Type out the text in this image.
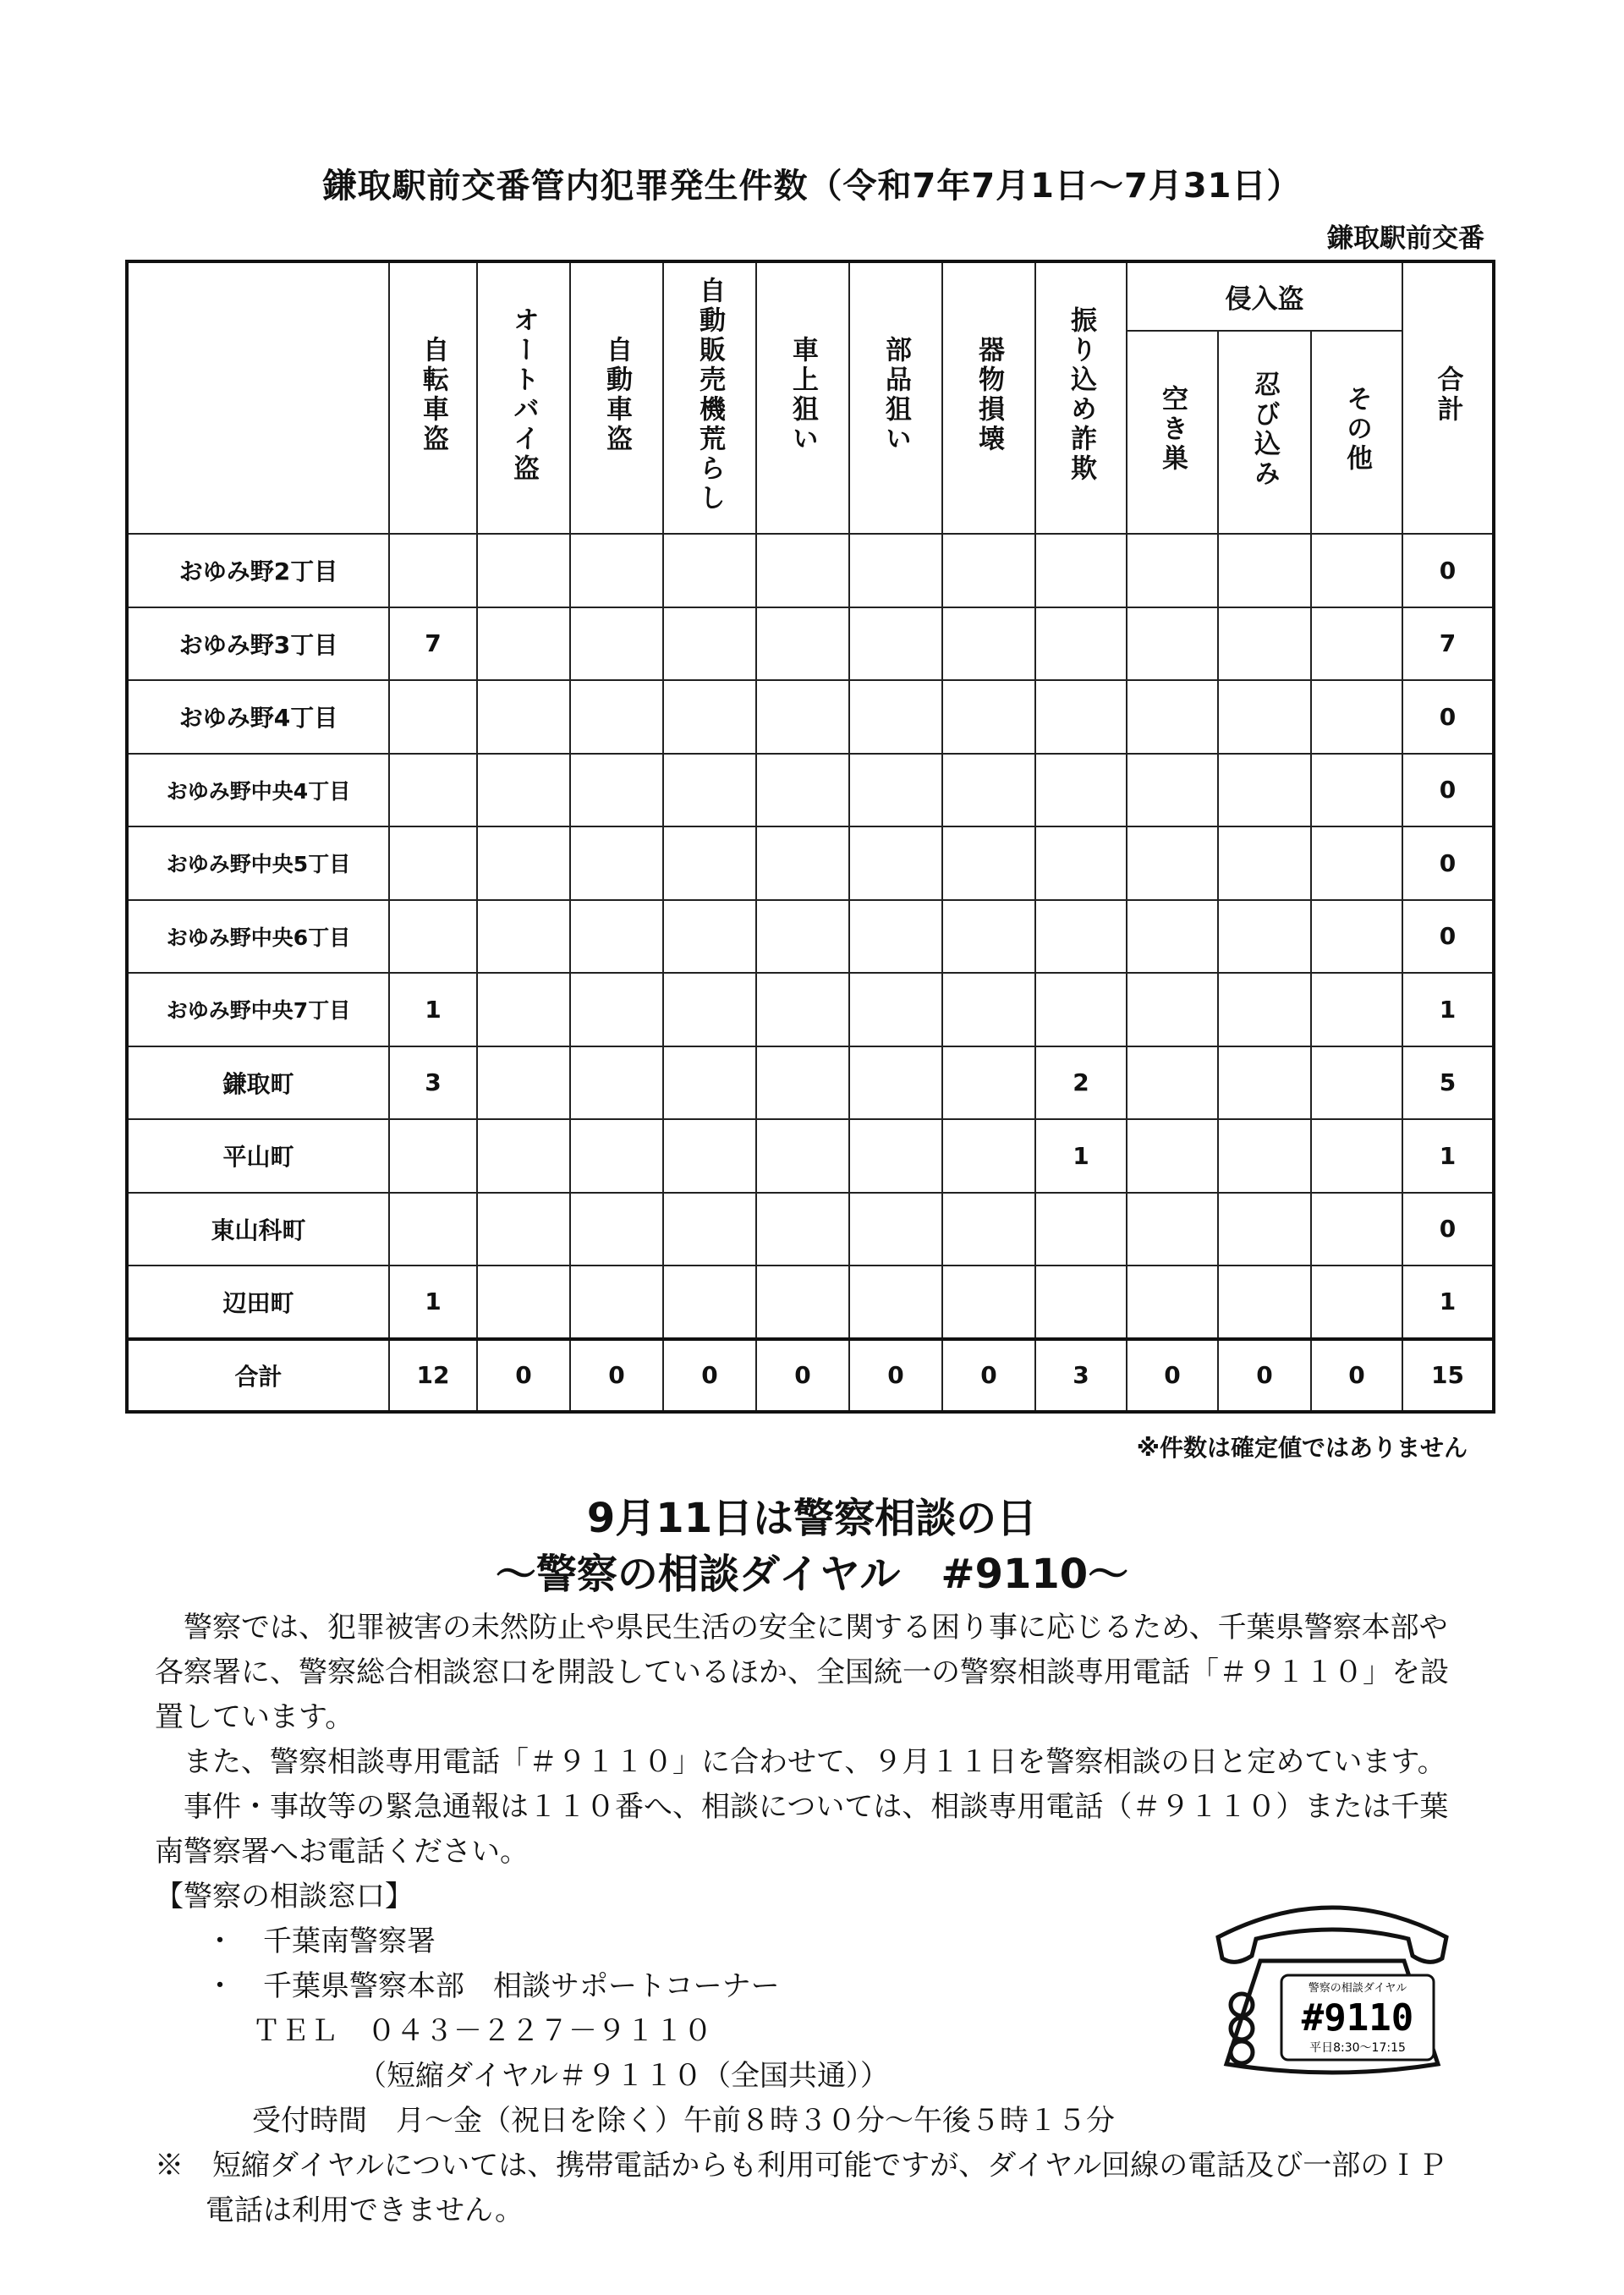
鎌取駅前交番管内犯罪発生件数（令和7年7月1日～7月31日）
鎌取駅前交番
	自転車盗	オートバイ盗	自動車盗	自動販売機荒らし	車上狙い	部品狙い	器物損壊	振り込め詐欺	侵入盗			合計
									空き巣	忍び込み	その他	
おゆみ野2丁目												0
おゆみ野3丁目	7											7
おゆみ野4丁目												0
おゆみ野中央4丁目												0
おゆみ野中央5丁目												0
おゆみ野中央6丁目												0
おゆみ野中央7丁目	1											1
鎌取町	3							2				5
平山町								1				1
東山科町												0
辺田町	1											1
合計	12	0	0	0	0	0	0	3	0	0	0	15
※件数は確定値ではありません
9月11日は警察相談の日
～警察の相談ダイヤル　#9110～

警察では、犯罪被害の未然防止や県民生活の安全に関する困り事に応じるため、千葉県警察本部や各察署に、警察総合相談窓口を開設しているほか、全国統一の警察相談専用電話「＃９１１０」を設置しています。

また、警察相談専用電話「＃９１１０」に合わせて、９月１１日を警察相談の日と定めています。

事件・事故等の緊急通報は１１０番へ、相談については、相談専用電話（＃９１１０）または千葉南警察署へお電話ください。

【警察の相談窓口】
・　千葉南警察署
・　千葉県警察本部　相談サポートコーナー
ＴＥＬ　０４３－２２７－９１１０
（短縮ダイヤル＃９１１０（全国共通））
受付時間　月～金（祝日を除く）午前８時３０分～午後５時１５分
※　短縮ダイヤルについては、携帯電話からも利用可能ですが、ダイヤル回線の電話及び一部のＩＰ電話は利用できません。
警察の相談ダイヤル
#9110
平日8:30～17:15
